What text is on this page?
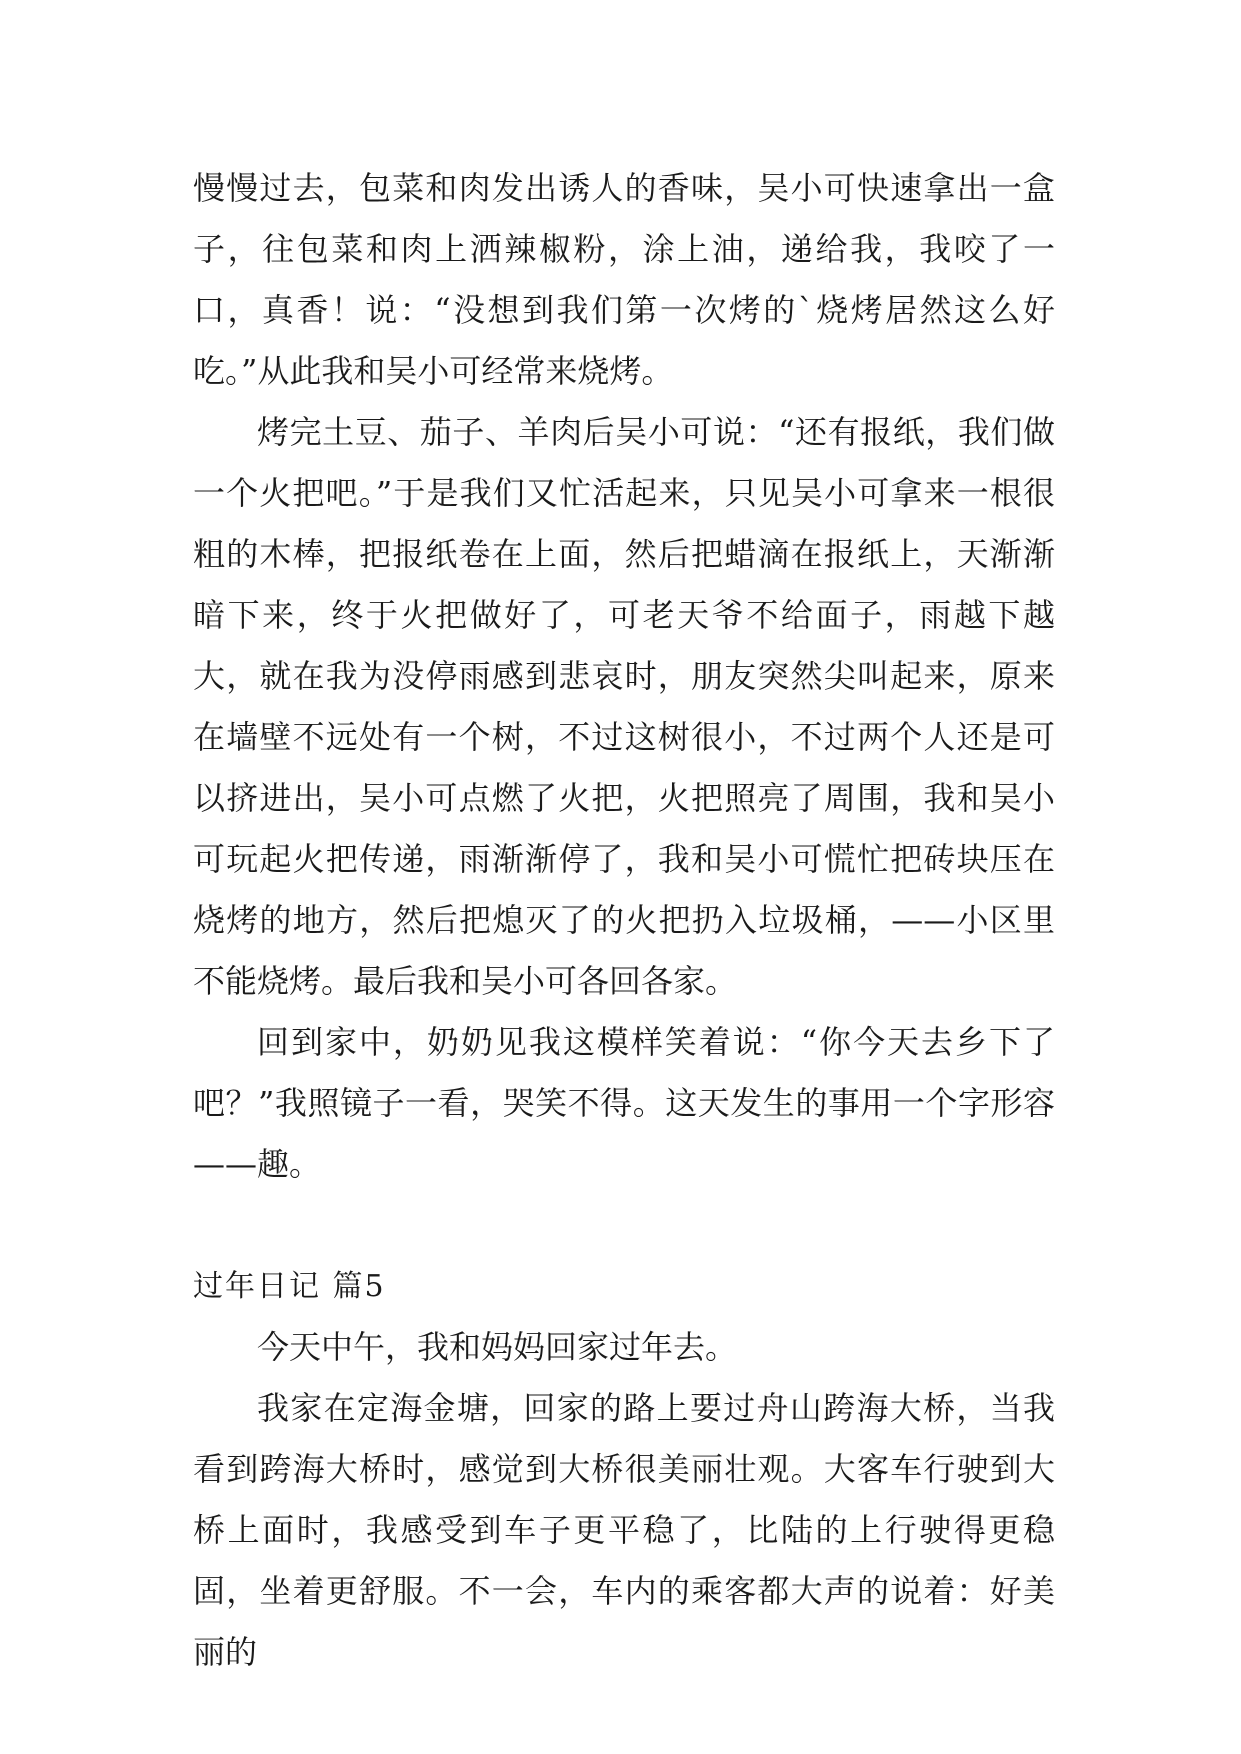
慢慢过去，包菜和肉发出诱人的香味，吴小可快速拿出一盒子，往包菜和肉上洒辣椒粉，涂上油，递给我，我咬了一口，真香！说：“没想到我们第一次烤的`烧烤居然这么好吃。”从此我和吴小可经常来烧烤。

烤完土豆、茄子、羊肉后吴小可说：“还有报纸，我们做一个火把吧。”于是我们又忙活起来，只见吴小可拿来一根很粗的木棒，把报纸卷在上面，然后把蜡滴在报纸上，天渐渐暗下来，终于火把做好了，可老天爷不给面子，雨越下越大，就在我为没停雨感到悲哀时，朋友突然尖叫起来，原来在墙壁不远处有一个树，不过这树很小，不过两个人还是可以挤进出，吴小可点燃了火把，火把照亮了周围，我和吴小可玩起火把传递，雨渐渐停了，我和吴小可慌忙把砖块压在烧烤的地方，然后把熄灭了的火把扔入垃圾桶，——小区里不能烧烤。最后我和吴小可各回各家。

回到家中，奶奶见我这模样笑着说：“你今天去乡下了吧？”我照镜子一看，哭笑不得。这天发生的事用一个字形容——趣。

过年日记 篇5

今天中午，我和妈妈回家过年去。

我家在定海金塘，回家的路上要过舟山跨海大桥，当我看到跨海大桥时，感觉到大桥很美丽壮观。大客车行驶到大桥上面时，我感受到车子更平稳了，比陆的上行驶得更稳固，坐着更舒服。不一会，车内的乘客都大声的说着：好美丽的
